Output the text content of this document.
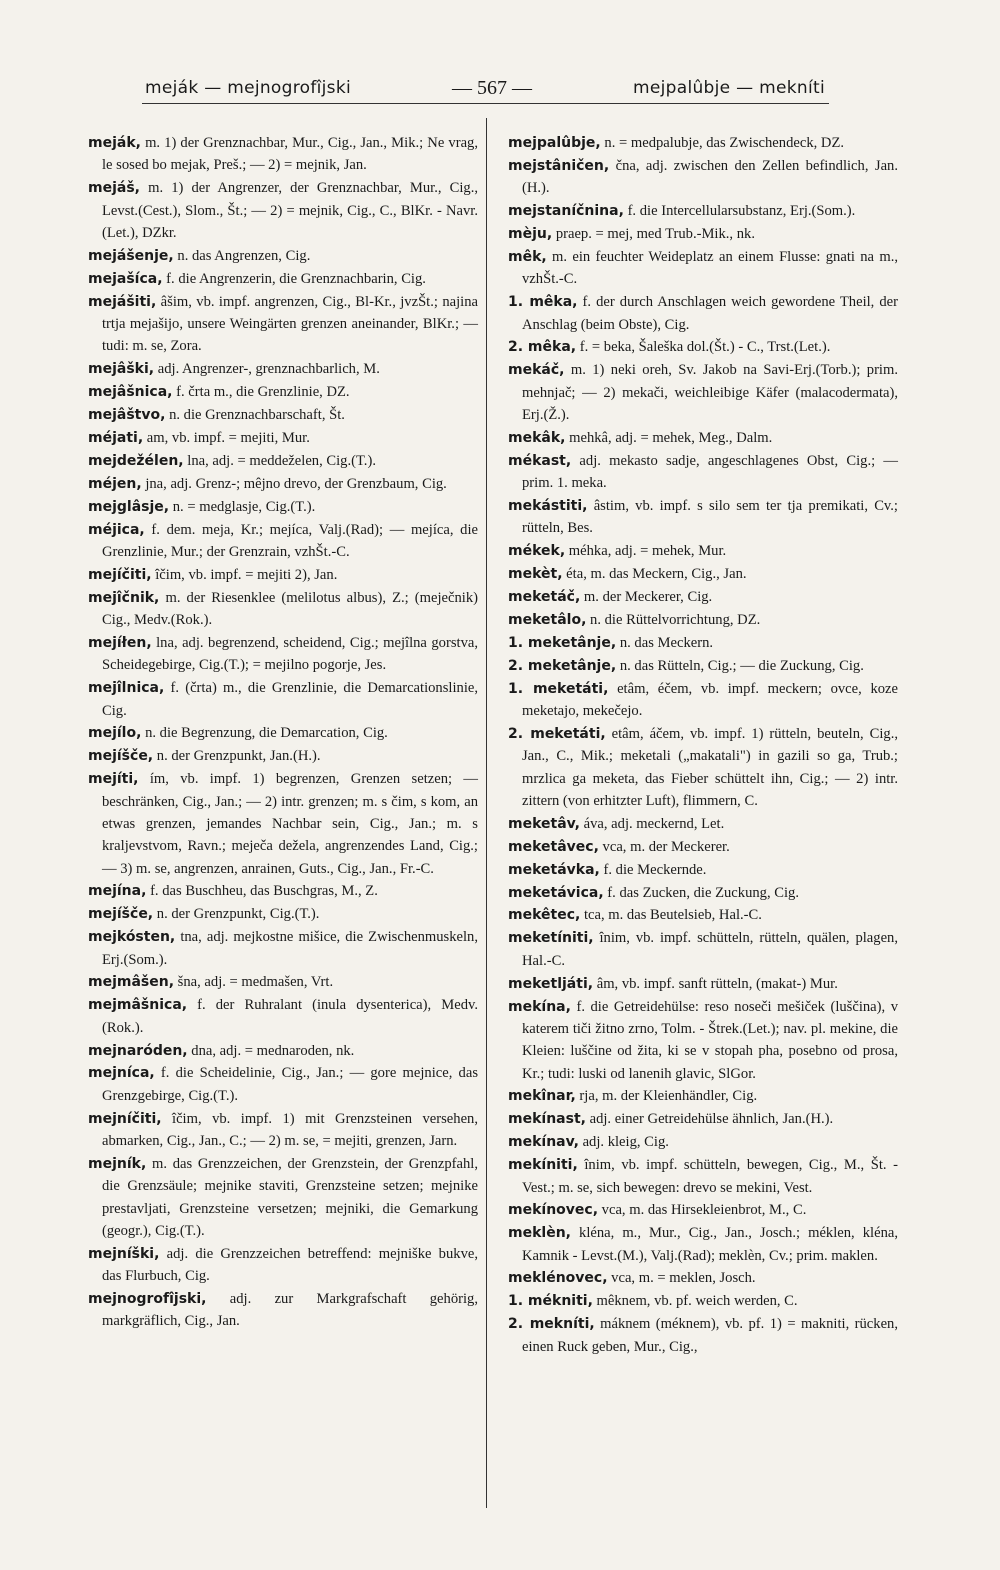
meják — mejnogrofîjski	— 567 —	mejpalûbje — mekníti

meják, m. 1) der Grenznachbar, Mur., Cig., Jan., Mik.; Ne vrag, le sosed bo mejak, Preš.; — 2) = mejnik, Jan.

mejáš, m. 1) der Angrenzer, der Grenznachbar, Mur., Cig., Levst.(Cest.), Slom., Št.; — 2) = mejnik, Cig., C., BlKr. - Navr.(Let.), DZkr.

mejášenje, n. das Angrenzen, Cig.

mejašíca, f. die Angrenzerin, die Grenznachbarin, Cig.

mejášiti, âšim, vb. impf. angrenzen, Cig., Bl-Kr., jvzŠt.; najina trtja mejašijo, unsere Weingärten grenzen aneinander, BlKr.; — tudi: m. se, Zora.

mejâški, adj. Angrenzer-, grenznachbarlich, M.

mejâšnica, f. črta m., die Grenzlinie, DZ.

mejâštvo, n. die Grenznachbarschaft, Št.

méjati, am, vb. impf. = mejiti, Mur.

mejdežélen, lna, adj. = meddeželen, Cig.(T.).

méjen, jna, adj. Grenz-; mêjno drevo, der Grenzbaum, Cig.

mejglâsje, n. = medglasje, Cig.(T.).

méjica, f. dem. meja, Kr.; mejíca, Valj.(Rad); — mejíca, die Grenzlinie, Mur.; der Grenzrain, vzhŠt.-C.

mejíčiti, îčim, vb. impf. = mejiti 2), Jan.

mejîčnik, m. der Riesenklee (melilotus albus), Z.; (meječnik) Cig., Medv.(Rok.).

mejíłen, lna, adj. begrenzend, scheidend, Cig.; mejîlna gorstva, Scheidegebirge, Cig.(T.); = mejilno pogorje, Jes.

mejîlnica, f. (črta) m., die Grenzlinie, die Demarcationslinie, Cig.

mejílo, n. die Begrenzung, die Demarcation, Cig.

mejíšče, n. der Grenzpunkt, Jan.(H.).

mejíti, ím, vb. impf. 1) begrenzen, Grenzen setzen; — beschränken, Cig., Jan.; — 2) intr. grenzen; m. s čim, s kom, an etwas grenzen, jemandes Nachbar sein, Cig., Jan.; m. s kraljevstvom, Ravn.; meječa dežela, angrenzendes Land, Cig.; — 3) m. se, angrenzen, anrainen, Guts., Cig., Jan., Fr.-C.

mejína, f. das Buschheu, das Buschgras, M., Z.

mejíšče, n. der Grenzpunkt, Cig.(T.).

mejkósten, tna, adj. mejkostne mišice, die Zwischenmuskeln, Erj.(Som.).

mejmâšen, šna, adj. = medmašen, Vrt.

mejmâšnica, f. der Ruhralant (inula dysenterica), Medv.(Rok.).

mejnaróden, dna, adj. = mednaroden, nk.

mejníca, f. die Scheidelinie, Cig., Jan.; — gore mejnice, das Grenzgebirge, Cig.(T.).

mejníčiti, îčim, vb. impf. 1) mit Grenzsteinen versehen, abmarken, Cig., Jan., C.; — 2) m. se, = mejiti, grenzen, Jarn.

mejník, m. das Grenzzeichen, der Grenzstein, der Grenzpfahl, die Grenzsäule; mejnike staviti, Grenzsteine setzen; mejnike prestavljati, Grenzsteine versetzen; mejniki, die Gemarkung (geogr.), Cig.(T.).

mejníški, adj. die Grenzzeichen betreffend: mejniške bukve, das Flurbuch, Cig.

mejnogrofîjski, adj. zur Markgrafschaft gehörig, markgräflich, Cig., Jan.

mejpalûbje, n. = medpalubje, das Zwischendeck, DZ.

mejstâničen, čna, adj. zwischen den Zellen befindlich, Jan.(H.).

mejstaníčnina, f. die Intercellularsubstanz, Erj.(Som.).

mèju, praep. = mej, med Trub.-Mik., nk.

mêk, m. ein feuchter Weideplatz an einem Flusse: gnati na m., vzhŠt.-C.

1. mêka, f. der durch Anschlagen weich gewordene Theil, der Anschlag (beim Obste), Cig.

2. mêka, f. = beka, Šaleška dol.(Št.) - C., Trst.(Let.).

mekáč, m. 1) neki oreh, Sv. Jakob na Savi-Erj.(Torb.); prim. mehnjač; — 2) mekači, weichleibige Käfer (malacodermata), Erj.(Ž.).

mekâk, mehkâ, adj. = mehek, Meg., Dalm.

mékast, adj. mekasto sadje, angeschlagenes Obst, Cig.; — prim. 1. meka.

mekástiti, âstim, vb. impf. s silo sem ter tja premikati, Cv.; rütteln, Bes.

mékek, méhka, adj. = mehek, Mur.

mekèt, éta, m. das Meckern, Cig., Jan.

meketáč, m. der Meckerer, Cig.

meketâlo, n. die Rüttelvorrichtung, DZ.

1. meketânje, n. das Meckern.

2. meketânje, n. das Rütteln, Cig.; — die Zuckung, Cig.

1. meketáti, etâm, éčem, vb. impf. meckern; ovce, koze meketajo, mekečejo.

2. meketáti, etâm, áčem, vb. impf. 1) rütteln, beuteln, Cig., Jan., C., Mik.; meketali („makatali") in gazili so ga, Trub.; mrzlica ga meketa, das Fieber schüttelt ihn, Cig.; — 2) intr. zittern (von erhitzter Luft), flimmern, C.

meketâv, áva, adj. meckernd, Let.

meketâvec, vca, m. der Meckerer.

meketávka, f. die Meckernde.

meketávica, f. das Zucken, die Zuckung, Cig.

mekêtec, tca, m. das Beutelsieb, Hal.-C.

meketíniti, înim, vb. impf. schütteln, rütteln, quälen, plagen, Hal.-C.

meketljáti, âm, vb. impf. sanft rütteln, (makat-) Mur.

mekína, f. die Getreidehülse: reso noseči mešiček (luščina), v katerem tiči žitno zrno, Tolm. - Štrek.(Let.); nav. pl. mekine, die Kleien: luščine od žita, ki se v stopah pha, posebno od prosa, Kr.; tudi: luski od lanenih glavic, SlGor.

mekînar, rja, m. der Kleienhändler, Cig.

mekínast, adj. einer Getreidehülse ähnlich, Jan.(H.).

mekínav, adj. kleig, Cig.

mekíniti, înim, vb. impf. schütteln, bewegen, Cig., M., Št. - Vest.; m. se, sich bewegen: drevo se mekini, Vest.

mekínovec, vca, m. das Hirsekleienbrot, M., C.

meklèn, kléna, m., Mur., Cig., Jan., Josch.; méklen, kléna, Kamnik - Levst.(M.), Valj.(Rad); meklèn, Cv.; prim. maklen.

meklénovec, vca, m. = meklen, Josch.

1. mékniti, mêknem, vb. pf. weich werden, C.

2. mekníti, máknem (méknem), vb. pf. 1) = makniti, rücken, einen Ruck geben, Mur., Cig.,
